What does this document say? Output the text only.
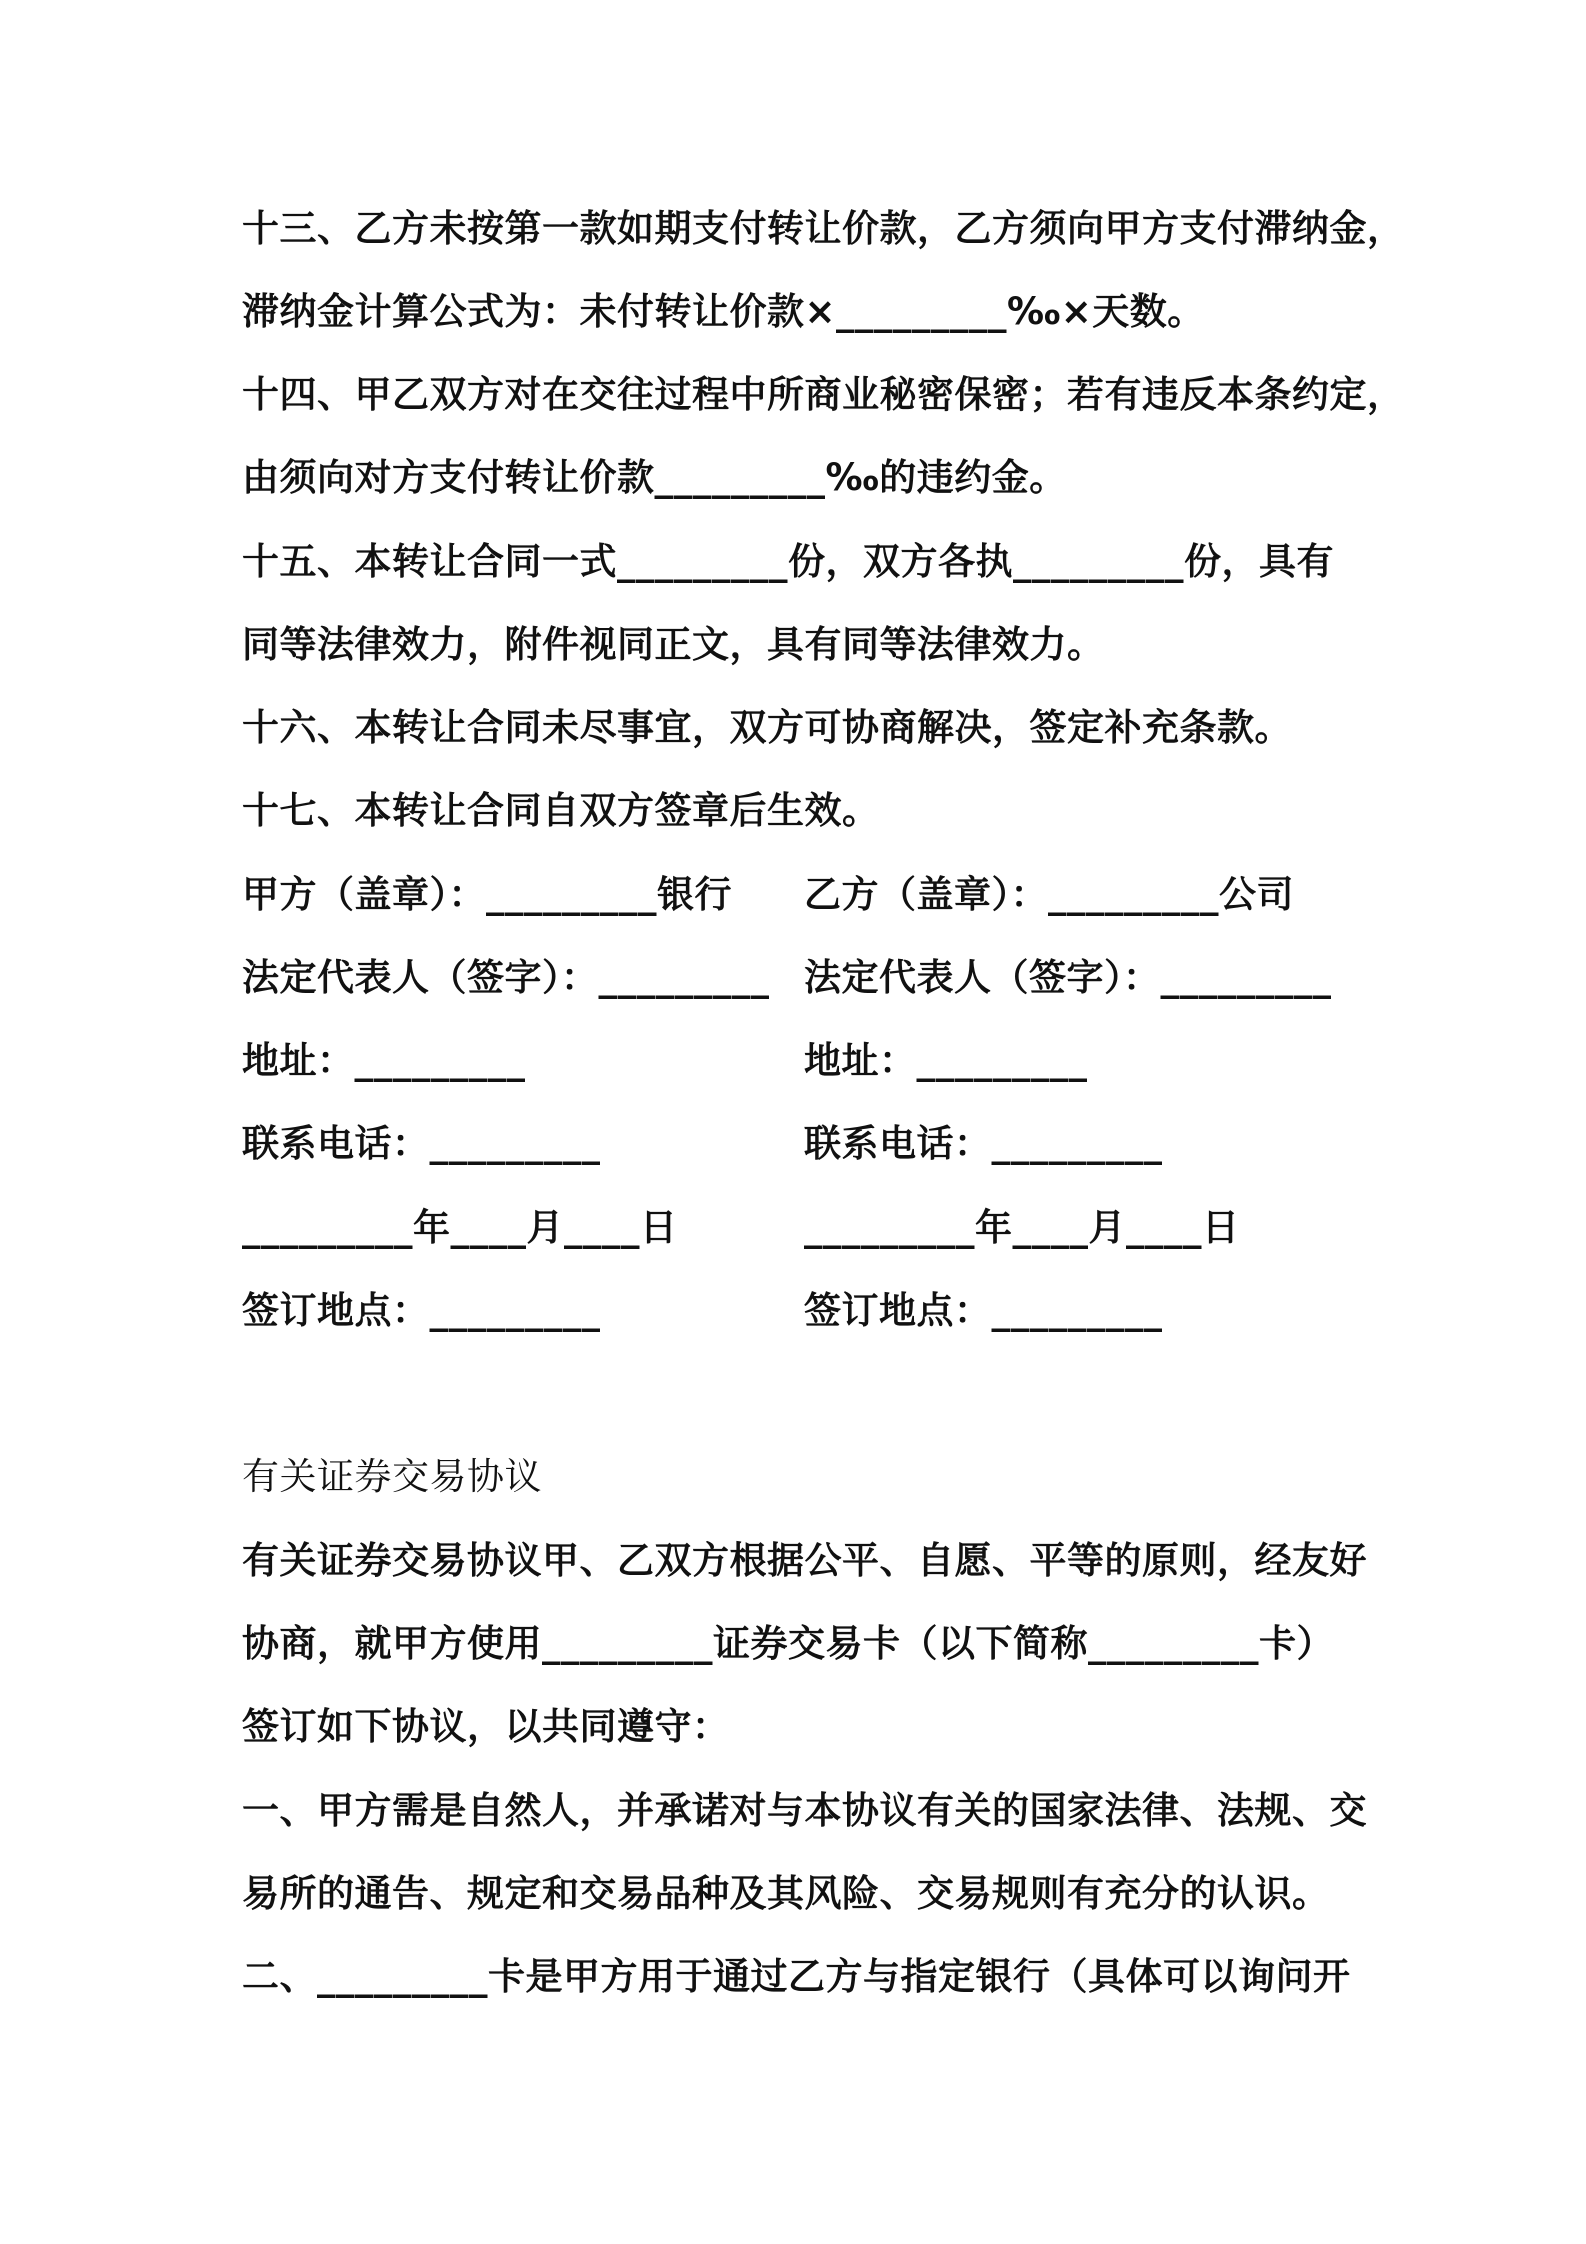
十三、乙方未按第一款如期支付转让价款，乙方须向甲方支付滞纳金，
滞纳金计算公式为：未付转让价款×_________‰×天数。
十四、甲乙双方对在交往过程中所商业秘密保密；若有违反本条约定，
由须向对方支付转让价款_________‰的违约金。
十五、本转让合同一式_________份，双方各执_________份，具有
同等法律效力，附件视同正文，具有同等法律效力。
十六、本转让合同未尽事宜，双方可协商解决，签定补充条款。
十七、本转让合同自双方签章后生效。
甲方（盖章）：_________银行 乙方（盖章）：_________公司
法定代表人（签字）：_________ 法定代表人（签字）：_________
地址：_________	地址：_________
联系电话：_________	联系电话：_________
_________年____月____日	_________年____月____日
签订地点：_________	签订地点：_________
有关证券交易协议
有关证券交易协议甲、乙双方根据公平、自愿、平等的原则，经友好
协商，就甲方使用_________证券交易卡（以下简称_________卡）
签订如下协议，以共同遵守：
一、甲方需是自然人，并承诺对与本协议有关的国家法律、法规、交
易所的通告、规定和交易品种及其风险、交易规则有充分的认识。
二、_________卡是甲方用于通过乙方与指定银行（具体可以询问开
